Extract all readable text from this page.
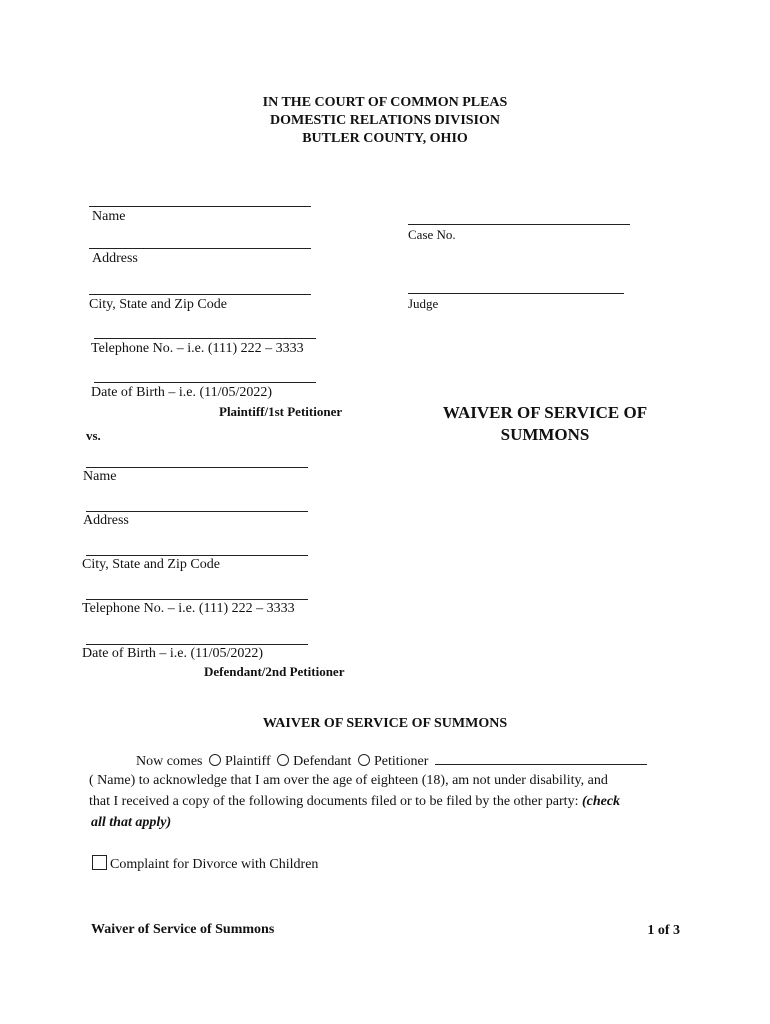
IN THE COURT OF COMMON PLEAS
DOMESTIC RELATIONS DIVISION
BUTLER COUNTY, OHIO
Name
Address
City, State and Zip Code
Telephone No. – i.e. (111) 222 – 3333
Date of Birth – i.e. (11/05/2022)
Plaintiff/1st Petitioner
Case No.
Judge
WAIVER OF SERVICE OF
SUMMONS
vs.
Name
Address
City, State and Zip Code
Telephone No. – i.e. (111) 222 – 3333
Date of Birth – i.e. (11/05/2022)
Defendant/2nd Petitioner
WAIVER OF SERVICE OF SUMMONS
Now comes Plaintiff Defendant Petitioner
( Name) to acknowledge that I am over the age of eighteen (18), am not under disability, and
that I received a copy of the following documents filed or to be filed by the other party: (check
all that apply)
Complaint for Divorce with Children
Waiver of Service of Summons	1 of 3
